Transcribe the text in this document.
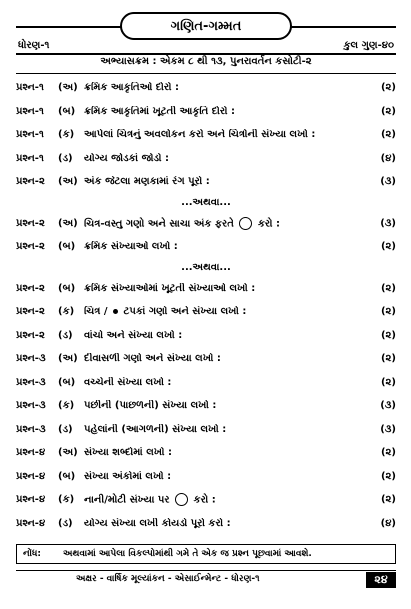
ગણિત-ગમ્મત
ધોરણ-૧	કુલ ગુણ-૪૦
અભ્યાસક્રમ : એકમ ૮ થી ૧૩, પુનરાવર્તન કસોટી-૨
પ્રશ્ન-૧	(અ) ક્રમિક આકૃતિઓ દોરો :	(૨)
પ્રશ્ન-૧	(બ) ક્રમિક આકૃતિમાં ખૂટતી આકૃતિ દોરો :	(૨)
પ્રશ્ન-૧	(ક) આપેલાં ચિત્રનું અવલોકન કરો અને ચિત્રોની સંખ્યા લખો :	(૨)
પ્રશ્ન-૧	(ડ)	યોગ્ય જોડકાં જોડો :	(૪)
પ્રશ્ન-૨	(અ) અંક જેટલા મણકામાં રંગ પૂરો :	(૩)
...અથવા...
પ્રશ્ન-૨	(અ) ચિત્ર-વસ્તુ ગણો અને સાચા અંક ફરતે કરો :	(૩)
પ્રશ્ન-૨	(બ) ક્રમિક સંખ્યાઓ લખો :	(૨)
...અથવા...
પ્રશ્ન-૨	(બ) ક્રમિક સંખ્યાઓમાં ખૂટતી સંખ્યાઓ લખો :	(૨)
પ્રશ્ન-૨	(ક) ચિત્ર / ટપકાં ગણો અને સંખ્યા લખો :	(૨)
પ્રશ્ન-૨	(ડ)	વાંચો અને સંખ્યા લખો :	(૨)
પ્રશ્ન-૩	(અ) દીવાસળી ગણો અને સંખ્યા લખો :	(૨)
પ્રશ્ન-૩	(બ) વચ્ચેની સંખ્યા લખો :	(૨)
પ્રશ્ન-૩	(ક) પછીની (પાછળની) સંખ્યા લખો :	(૩)
પ્રશ્ન-૩	(ડ)	પહેલાંની (આગળની) સંખ્યા લખો :	(૩)
પ્રશ્ન-૪	(અ) સંખ્યા શબ્દોમાં લખો :	(૨)
પ્રશ્ન-૪	(બ) સંખ્યા અંકોમાં લખો :	(૨)
પ્રશ્ન-૪	(ક) નાની/મોટી સંખ્યા પર કરો :	(૨)
પ્રશ્ન-૪	(ડ)	યોગ્ય સંખ્યા લખી કોયડો પૂરો કરો :	(૪)
નોંધ:	અથવામાં આપેલા વિકલ્પોમાંથી ગમે તે એક જ પ્રશ્ન પૂછવામાં આવશે.
અક્ષર - વાર્ષિક મૂલ્યાંકન - એસાઈન્મેન્ટ - ધોરણ-૧	૨૪
